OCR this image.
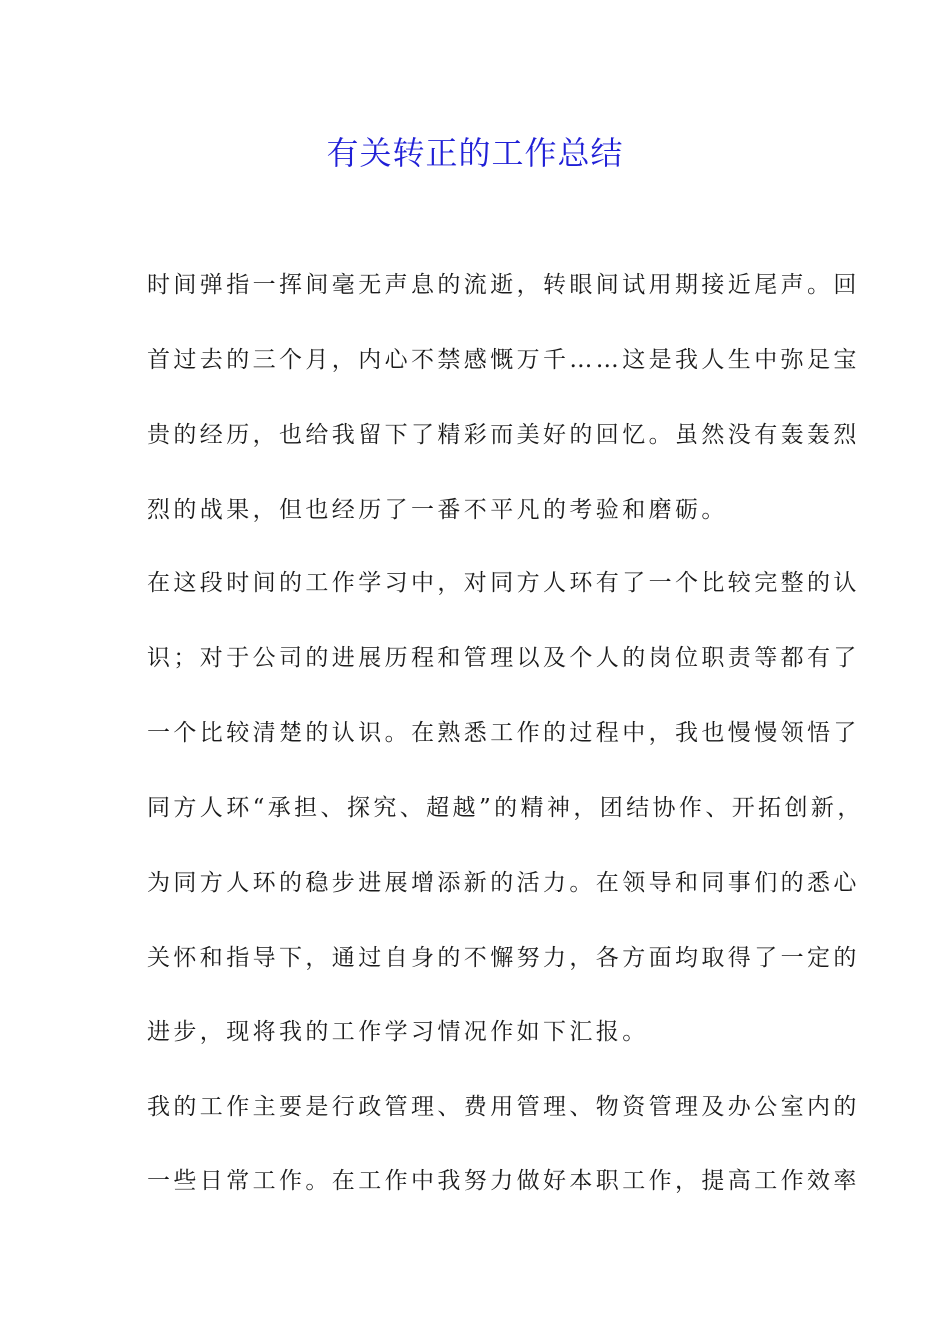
有关转正的工作总结
时间弹指一挥间毫无声息的流逝，转眼间试用期接近尾声。回
首过去的三个月，内心不禁感慨万千……这是我人生中弥足宝
贵的经历，也给我留下了精彩而美好的回忆。虽然没有轰轰烈
烈的战果，但也经历了一番不平凡的考验和磨砺。
在这段时间的工作学习中，对同方人环有了一个比较完整的认
识；对于公司的进展历程和管理以及个人的岗位职责等都有了
一个比较清楚的认识。在熟悉工作的过程中，我也慢慢领悟了
同方人环“承担、探究、超越”的精神，团结协作、开拓创新，
为同方人环的稳步进展增添新的活力。在领导和同事们的悉心
关怀和指导下，通过自身的不懈努力，各方面均取得了一定的
进步，现将我的工作学习情况作如下汇报。
我的工作主要是行政管理、费用管理、物资管理及办公室内的
一些日常工作。在工作中我努力做好本职工作，提高工作效率
